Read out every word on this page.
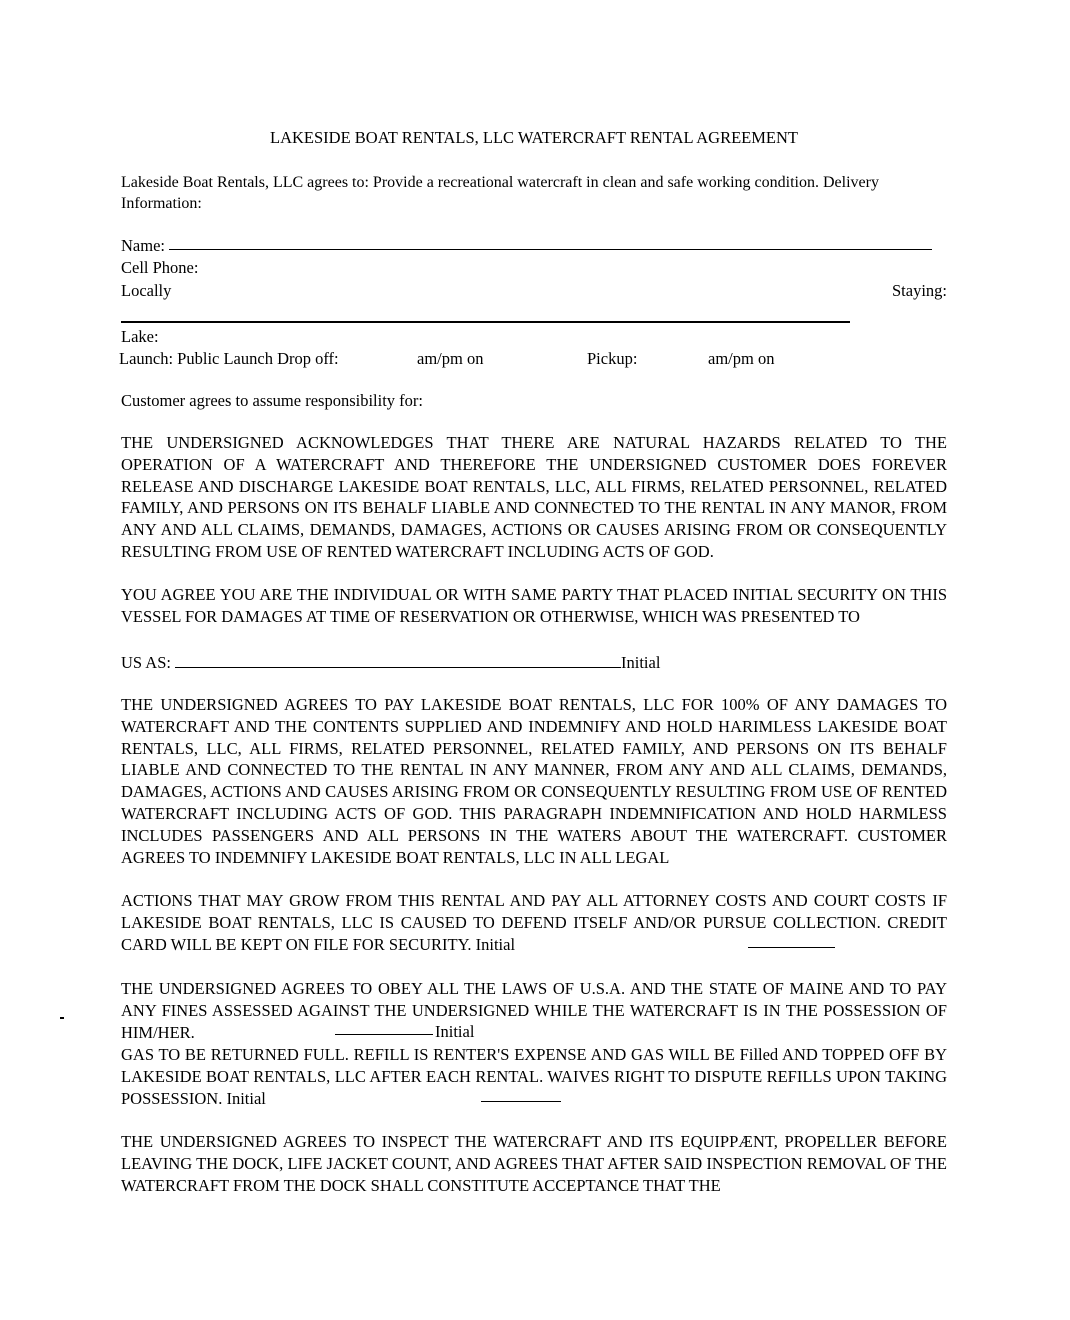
LAKESIDE BOAT RENTALS, LLC WATERCRAFT RENTAL AGREEMENT
Lakeside Boat Rentals, LLC agrees to: Provide a recreational watercraft in clean and safe working condition. Delivery Information:
Name:
Cell Phone:
Locally	Staying:
Lake:
Launch: Public Launch Drop off:	am/pm on	Pickup:	am/pm on
Customer agrees to assume responsibility for:
THE UNDERSIGNED ACKNOWLEDGES THAT THERE ARE NATURAL HAZARDS RELATED TO THE OPERATION OF A WATERCRAFT AND THEREFORE THE UNDERSIGNED CUSTOMER DOES FOREVER RELEASE AND DISCHARGE LAKESIDE BOAT RENTALS, LLC, ALL FIRMS, RELATED PERSONNEL, RELATED FAMILY, AND PERSONS ON ITS BEHALF LIABLE AND CONNECTED TO THE RENTAL IN ANY MANOR, FROM ANY AND ALL CLAIMS, DEMANDS, DAMAGES, ACTIONS OR CAUSES ARISING FROM OR CONSEQUENTLY RESULTING FROM USE OF RENTED WATERCRAFT INCLUDING ACTS OF GOD.
YOU AGREE YOU ARE THE INDIVIDUAL OR WITH SAME PARTY THAT PLACED INITIAL SECURITY ON THIS VESSEL FOR DAMAGES AT TIME OF RESERVATION OR OTHERWISE, WHICH WAS PRESENTED TO
US AS:	Initial
THE UNDERSIGNED AGREES TO PAY LAKESIDE BOAT RENTALS, LLC FOR 100% OF ANY DAMAGES TO WATERCRAFT AND THE CONTENTS SUPPLIED AND INDEMNIFY AND HOLD HARIMLESS LAKESIDE BOAT RENTALS, LLC, ALL FIRMS, RELATED PERSONNEL, RELATED FAMILY, AND PERSONS ON ITS BEHALF LIABLE AND CONNECTED TO THE RENTAL IN ANY MANNER, FROM ANY AND ALL CLAIMS, DEMANDS, DAMAGES, ACTIONS AND CAUSES ARISING FROM OR CONSEQUENTLY RESULTING FROM USE OF RENTED WATERCRAFT INCLUDING ACTS OF GOD. THIS PARAGRAPH INDEMNIFICATION AND HOLD HARMLESS INCLUDES PASSENGERS AND ALL PERSONS IN THE WATERS ABOUT THE WATERCRAFT. CUSTOMER AGREES TO INDEMNIFY LAKESIDE BOAT RENTALS, LLC IN ALL LEGAL
ACTIONS THAT MAY GROW FROM THIS RENTAL AND PAY ALL ATTORNEY COSTS AND COURT COSTS IF LAKESIDE BOAT RENTALS, LLC IS CAUSED TO DEFEND ITSELF AND/OR PURSUE COLLECTION. CREDIT CARD WILL BE KEPT ON FILE FOR SECURITY. Initial
THE UNDERSIGNED AGREES TO OBEY ALL THE LAWS OF U.S.A. AND THE STATE OF MAINE AND TO PAY ANY FINES ASSESSED AGAINST THE UNDERSIGNED WHILE THE WATERCRAFT IS IN THE POSSESSION OF HIM/HER.	Initial
GAS TO BE RETURNED FULL. REFILL IS RENTER'S EXPENSE AND GAS WILL BE Filled AND TOPPED OFF BY LAKESIDE BOAT RENTALS, LLC AFTER EACH RENTAL. WAIVES RIGHT TO DISPUTE REFILLS UPON TAKING POSSESSION. Initial
THE UNDERSIGNED AGREES TO INSPECT THE WATERCRAFT AND ITS EQUIPPÆNT, PROPELLER BEFORE LEAVING THE DOCK, LIFE JACKET COUNT, AND AGREES THAT AFTER SAID INSPECTION REMOVAL OF THE WATERCRAFT FROM THE DOCK SHALL CONSTITUTE ACCEPTANCE THAT THE
